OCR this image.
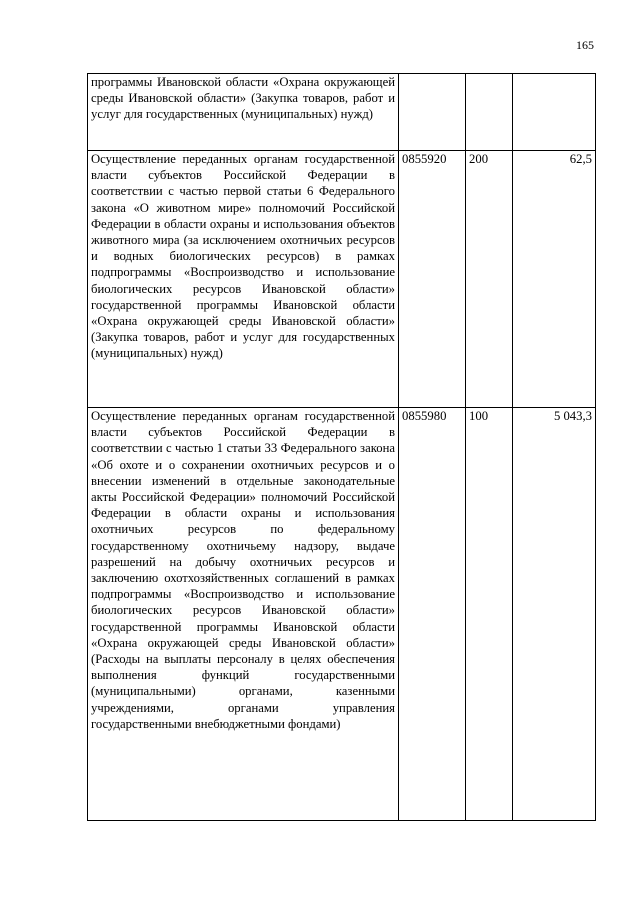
165
программы Ивановской области «Охрана окружающей среды Ивановской области» (Закупка товаров, работ и услуг для государственных (муниципальных) нужд)			
Осуществление переданных органам государственной власти субъектов Российской Федерации в соответствии с частью первой статьи 6 Федерального закона «О животном мире» полномочий Российской Федерации в области охраны и использования объектов животного мира (за исключением охотничьих ресурсов и водных биологических ресурсов) в рамках подпрограммы «Воспроизводство и использование биологических ресурсов Ивановской области» государственной программы Ивановской области «Охрана окружающей среды Ивановской области» (Закупка товаров, работ и услуг для государственных (муниципальных) нужд)	0855920	200	62,5
Осуществление переданных органам государственной власти субъектов Российской Федерации в соответствии с частью 1 статьи 33 Федерального закона «Об охоте и о сохранении охотничьих ресурсов и о внесении изменений в отдельные законодательные акты Российской Федерации» полномочий Российской Федерации в области охраны и использования охотничьих ресурсов по федеральному государственному охотничьему надзору, выдаче разрешений на добычу охотничьих ресурсов и заключению охотхозяйственных соглашений в рамках подпрограммы «Воспроизводство и использование биологических ресурсов Ивановской области» государственной программы Ивановской области «Охрана окружающей среды Ивановской области» (Расходы на выплаты персоналу в целях обеспечения выполнения функций государственными (муниципальными) органами, казенными учреждениями, органами управления государственными внебюджетными фондами)	0855980	100	5 043,3
